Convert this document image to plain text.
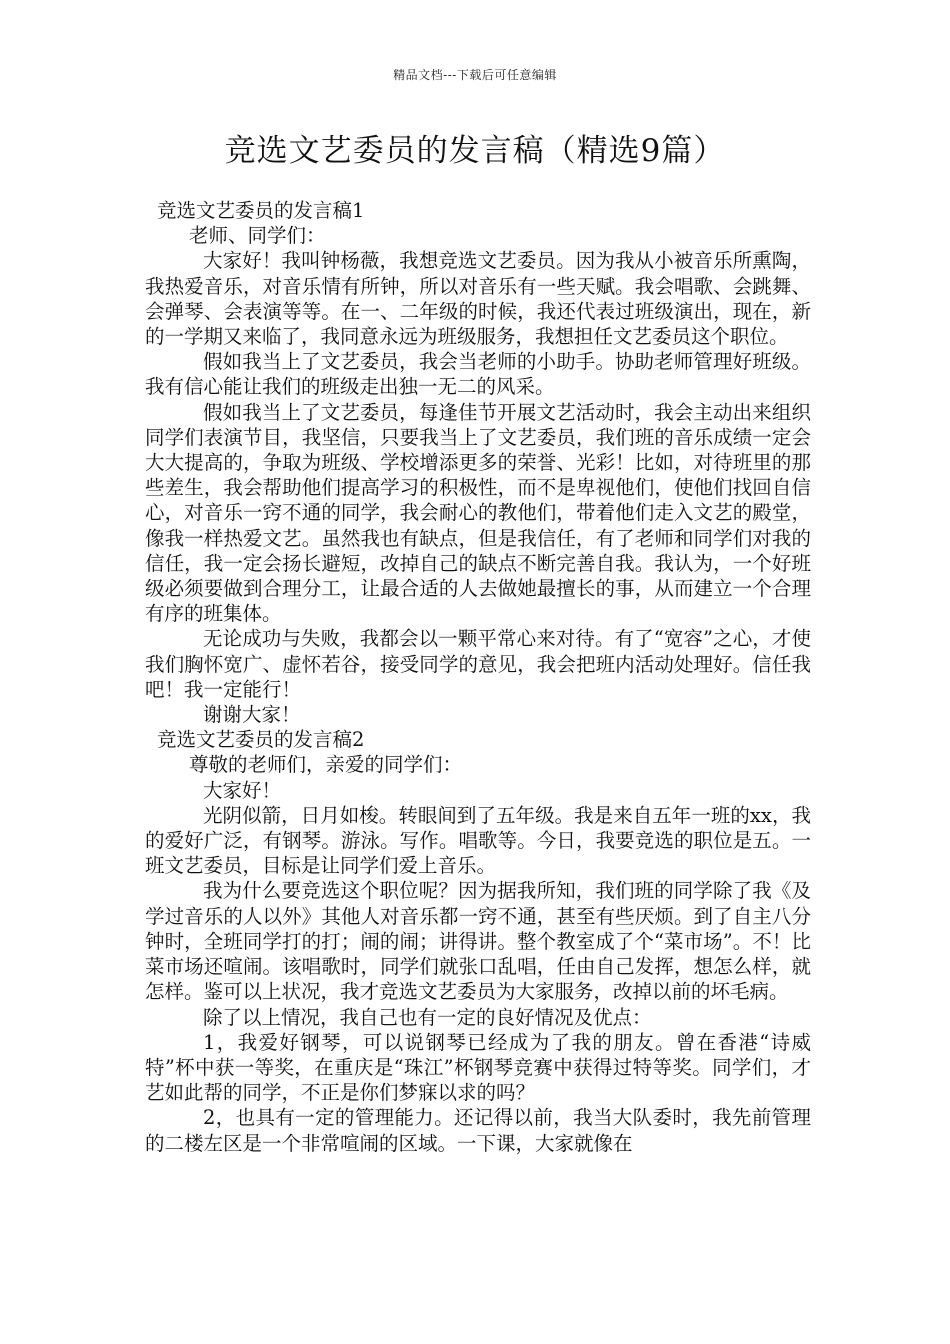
精品文档---下载后可任意编辑
竞选文艺委员的发言稿（精选9篇）

竞选文艺委员的发言稿1

老师、同学们：

大家好！我叫钟杨薇，我想竞选文艺委员。因为我从小被音乐所熏陶，我热爱音乐，对音乐情有所钟，所以对音乐有一些天赋。我会唱歌、会跳舞、会弹琴、会表演等等。在一、二年级的时候，我还代表过班级演出，现在，新的一学期又来临了，我同意永远为班级服务，我想担任文艺委员这个职位。

假如我当上了文艺委员，我会当老师的小助手。协助老师管理好班级。我有信心能让我们的班级走出独一无二的风采。

假如我当上了文艺委员，每逢佳节开展文艺活动时，我会主动出来组织同学们表演节目，我坚信，只要我当上了文艺委员，我们班的音乐成绩一定会大大提高的，争取为班级、学校增添更多的荣誉、光彩！比如，对待班里的那些差生，我会帮助他们提高学习的积极性，而不是卑视他们，使他们找回自信心，对音乐一窍不通的同学，我会耐心的教他们，带着他们走入文艺的殿堂，像我一样热爱文艺。虽然我也有缺点，但是我信任，有了老师和同学们对我的信任，我一定会扬长避短，改掉自己的缺点不断完善自我。我认为，一个好班级必须要做到合理分工，让最合适的人去做她最擅长的事，从而建立一个合理有序的班集体。

无论成功与失败，我都会以一颗平常心来对待。有了“宽容”之心，才使我们胸怀宽广、虚怀若谷，接受同学的意见，我会把班内活动处理好。信任我吧！我一定能行！

谢谢大家！

竞选文艺委员的发言稿2

尊敬的老师们，亲爱的同学们：

大家好！

光阴似箭，日月如梭。转眼间到了五年级。我是来自五年一班的xx，我的爱好广泛，有钢琴。游泳。写作。唱歌等。今日，我要竞选的职位是五。一班文艺委员，目标是让同学们爱上音乐。

我为什么要竞选这个职位呢？因为据我所知，我们班的同学除了我《及学过音乐的人以外》其他人对音乐都一窍不通，甚至有些厌烦。到了自主八分钟时，全班同学打的打；闹的闹；讲得讲。整个教室成了个“菜市场”。不！比菜市场还喧闹。该唱歌时，同学们就张口乱唱，任由自己发挥，想怎么样，就怎样。鉴可以上状况，我才竞选文艺委员为大家服务，改掉以前的坏毛病。

除了以上情况，我自己也有一定的良好情况及优点：

1，我爱好钢琴，可以说钢琴已经成为了我的朋友。曾在香港“诗威特”杯中获一等奖，在重庆是“珠江”杯钢琴竞赛中获得过特等奖。同学们，才艺如此帮的同学，不正是你们梦寐以求的吗？

2，也具有一定的管理能力。还记得以前，我当大队委时，我先前管理的二楼左区是一个非常喧闹的区域。一下课，大家就像在
